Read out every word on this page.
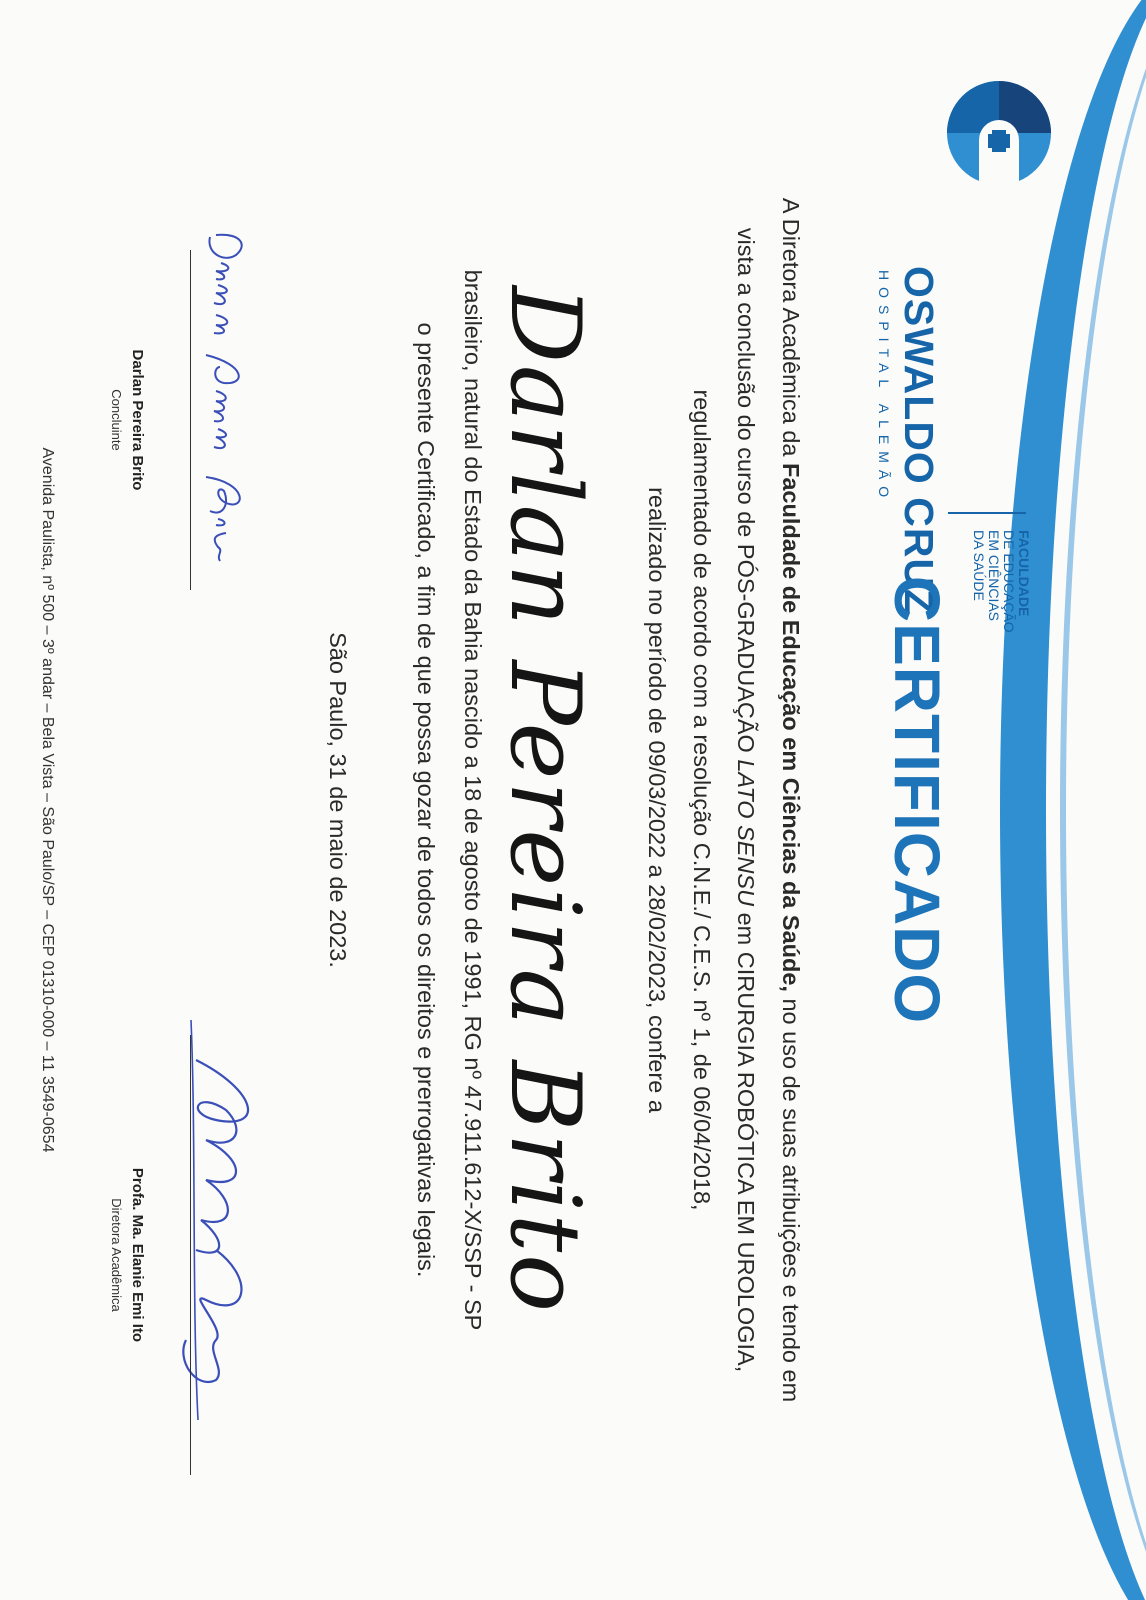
OSWALDO CRUZ
HOSPITAL ALEMÃO
FACULDADE
DE EDUCAÇÃO
EM CIÊNCIAS
DA SAÚDE
CERTIFICADO
A Diretora Acadêmica da Faculdade de Educação em Ciências da Saúde, no uso de suas atribuições e tendo em
vista a conclusão do curso de PÓS-GRADUAÇÃO LATO SENSU em CIRURGIA ROBÓTICA EM UROLOGIA,
regulamentado de acordo com a resolução C.N.E./ C.E.S. nº 1, de 06/04/2018,
realizado no período de 09/03/2022 a 28/02/2023, confere a
Darlan Pereira Brito
brasileiro, natural do Estado da Bahia nascido a 18 de agosto de 1991, RG nº 47.911.612-X/SSP - SP
o presente Certificado, a fim de que possa gozar de todos os direitos e prerrogativas legais.
São Paulo, 31 de maio de 2023.
Darlan Pereira Brito
Concluinte
Profa. Ma. Elanie Emi Ito
Diretora Acadêmica
Avenida Paulista, nº 500 – 3º andar – Bela Vista – São Paulo/SP – CEP 01310-000 – 11 3549-0654
